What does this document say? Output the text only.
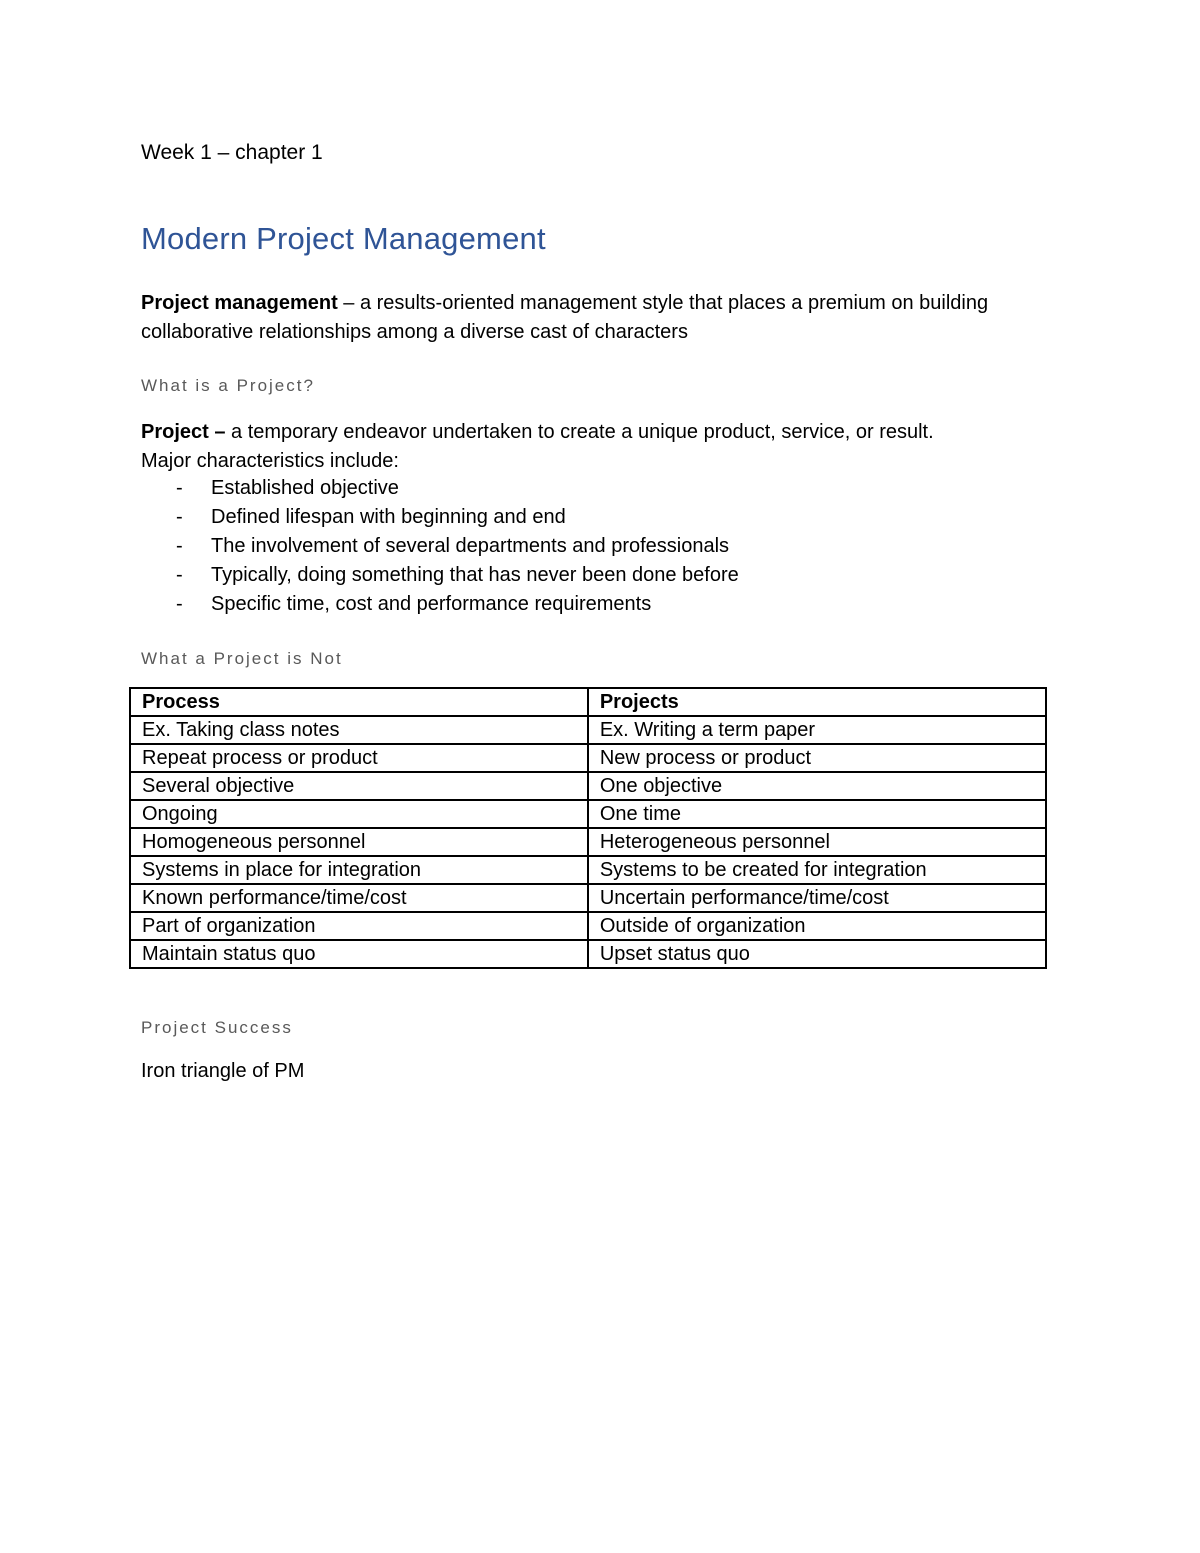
Week 1 – chapter 1
Modern Project Management
Project management – a results-oriented management style that places a premium on building
collaborative relationships among a diverse cast of characters
What is a Project?
Project – a temporary endeavor undertaken to create a unique product, service, or result.
Major characteristics include:
- Established objective
- Defined lifespan with beginning and end
- The involvement of several departments and professionals
- Typically, doing something that has never been done before
- Specific time, cost and performance requirements
What a Project is Not
Process	Projects
Ex. Taking class notes	Ex. Writing a term paper
Repeat process or product	New process or product
Several objective	One objective
Ongoing	One time
Homogeneous personnel	Heterogeneous personnel
Systems in place for integration	Systems to be created for integration
Known performance/time/cost	Uncertain performance/time/cost
Part of organization	Outside of organization
Maintain status quo	Upset status quo
Project Success
Iron triangle of PM
